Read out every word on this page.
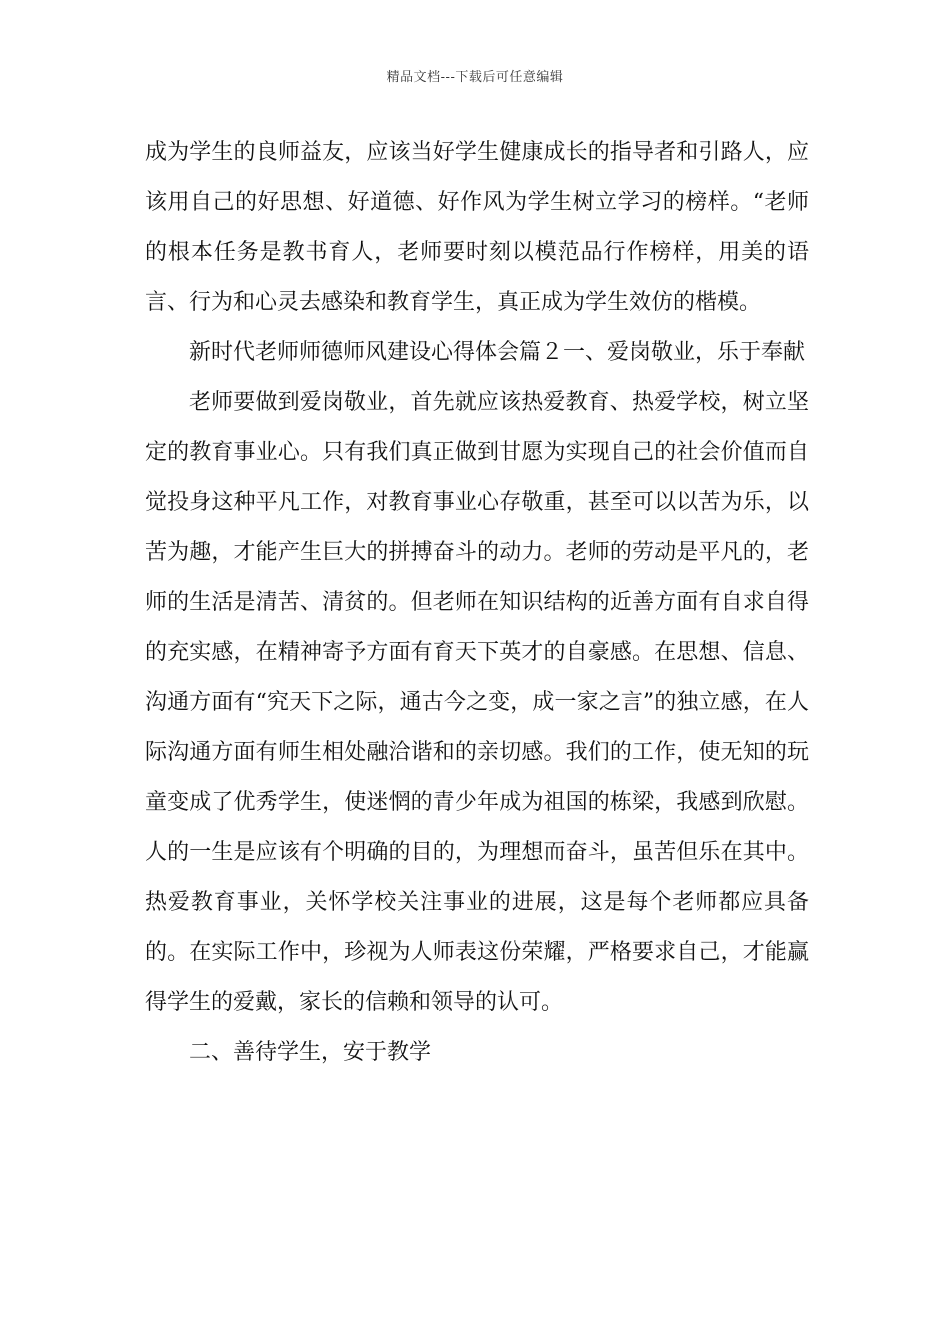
精品文档---下载后可任意编辑

成为学生的良师益友，应该当好学生健康成长的指导者和引路人，应该用自己的好思想、好道德、好作风为学生树立学习的榜样。“老师的根本任务是教书育人，老师要时刻以模范品行作榜样，用美的语言、行为和心灵去感染和教育学生，真正成为学生效仿的楷模。

新时代老师师德师风建设心得体会篇２一、爱岗敬业，乐于奉献

老师要做到爱岗敬业，首先就应该热爱教育、热爱学校，树立坚定的教育事业心。只有我们真正做到甘愿为实现自己的社会价值而自觉投身这种平凡工作，对教育事业心存敬重，甚至可以以苦为乐，以苦为趣，才能产生巨大的拼搏奋斗的动力。老师的劳动是平凡的，老师的生活是清苦、清贫的。但老师在知识结构的近善方面有自求自得的充实感，在精神寄予方面有育天下英才的自豪感。在思想、信息、沟通方面有“究天下之际，通古今之变，成一家之言”的独立感，在人际沟通方面有师生相处融洽谐和的亲切感。我们的工作，使无知的玩童变成了优秀学生，使迷惘的青少年成为祖国的栋梁，我感到欣慰。人的一生是应该有个明确的目的，为理想而奋斗，虽苦但乐在其中。热爱教育事业，关怀学校关注事业的进展，这是每个老师都应具备的。在实际工作中，珍视为人师表这份荣耀，严格要求自己，才能赢得学生的爱戴，家长的信赖和领导的认可。

二、善待学生，安于教学
